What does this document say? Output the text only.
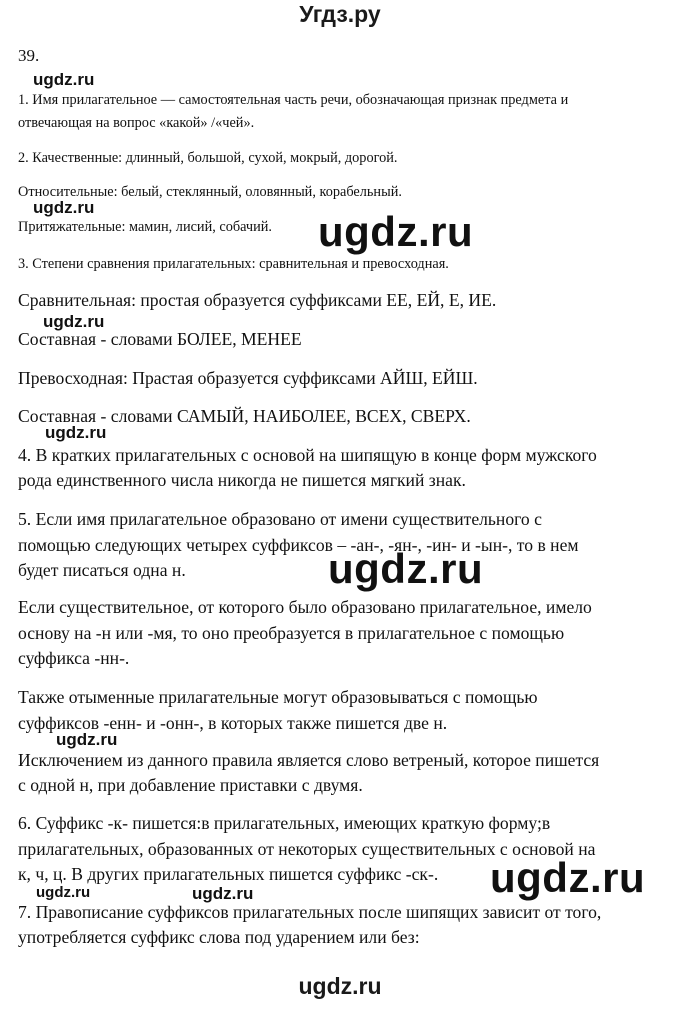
Угдз.ру
39.
1. Имя прилагательное — самостоятельная часть речи, обозначающая признак предмета и
отвечающая на вопрос «какой» /«чей».
2. Качественные: длинный, большой, сухой, мокрый, дорогой.
Относительные: белый, стеклянный, оловянный, корабельный.
Притяжательные: мамин, лисий, собачий.
3. Степени сравнения прилагательных: сравнительная и превосходная.
Сравнительная: простая образуется суффиксами ЕЕ, ЕЙ, Е, ИЕ.
Составная - словами БОЛЕЕ, МЕНЕЕ
Превосходная: Прастая образуется суффиксами АЙШ, ЕЙШ.
Составная - словами САМЫЙ, НАИБОЛЕЕ, ВСЕХ, СВЕРХ.
4. В кратких прилагательных с основой на шипящую в конце форм мужского
рода единственного числа никогда не пишется мягкий знак.
5. Если имя прилагательное образовано от имени существительного с
помощью следующих четырех суффиксов – -ан-, -ян-, -ин- и -ын-, то в нем
будет писаться одна н.
Если существительное, от которого было образовано прилагательное, имело
основу на -н или -мя, то оно преобразуется в прилагательное с помощью
суффикса -нн-.
Также отыменные прилагательные могут образовываться с помощью
суффиксов -енн- и -онн-, в которых также пишется две н.
Исключением из данного правила является слово ветреный, которое пишется
с одной н, при добавление приставки с двумя.
6. Суффикс -к- пишется:в прилагательных, имеющих краткую форму;в
прилагательных, образованных от некоторых существительных с основой на
к, ч, ц. В других прилагательных пишется суффикс -ск-.
7. Правописание суффиксов прилагательных после шипящих зависит от того,
употребляется суффикс слова под ударением или без:
ugdz.ru
ugdz.ru
ugdz.ru
ugdz.ru
ugdz.ru
ugdz.ru	ugdz.ru
ugdz.ru
ugdz.ru
ugdz.ru
ugdz.ru
